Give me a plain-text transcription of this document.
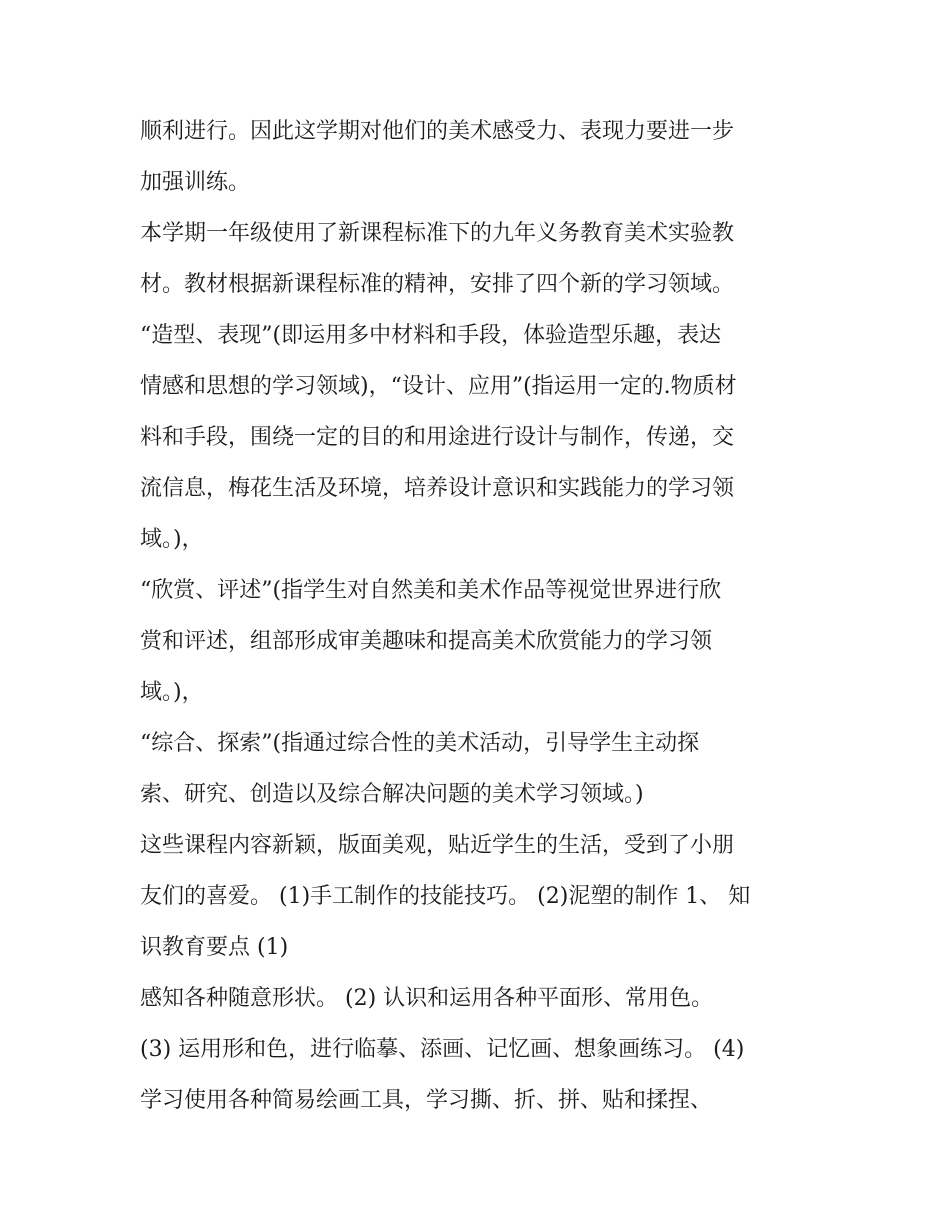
顺利进行。因此这学期对他们的美术感受力、表现力要进一步
加强训练。
本学期一年级使用了新课程标准下的九年义务教育美术实验教
材。教材根据新课程标准的精神，安排了四个新的学习领域。
“造型、表现”(即运用多中材料和手段，体验造型乐趣，表达
情感和思想的学习领域)，“设计、应用”(指运用一定的.物质材
料和手段，围绕一定的目的和用途进行设计与制作，传递，交
流信息，梅花生活及环境，培养设计意识和实践能力的学习领
域。)，
“欣赏、评述”(指学生对自然美和美术作品等视觉世界进行欣
赏和评述，组部形成审美趣味和提高美术欣赏能力的学习领
域。)，
“综合、探索”(指通过综合性的美术活动，引导学生主动探
索、研究、创造以及综合解决问题的美术学习领域。)
这些课程内容新颖，版面美观，贴近学生的生活，受到了小朋
友们的喜爱。 (1)手工制作的技能技巧。 (2)泥塑的制作 1、 知
识教育要点 (1)
感知各种随意形状。 (2) 认识和运用各种平面形、常用色。
(3) 运用形和色，进行临摹、添画、记忆画、想象画练习。 (4)
学习使用各种简易绘画工具，学习撕、折、拼、贴和揉捏、
